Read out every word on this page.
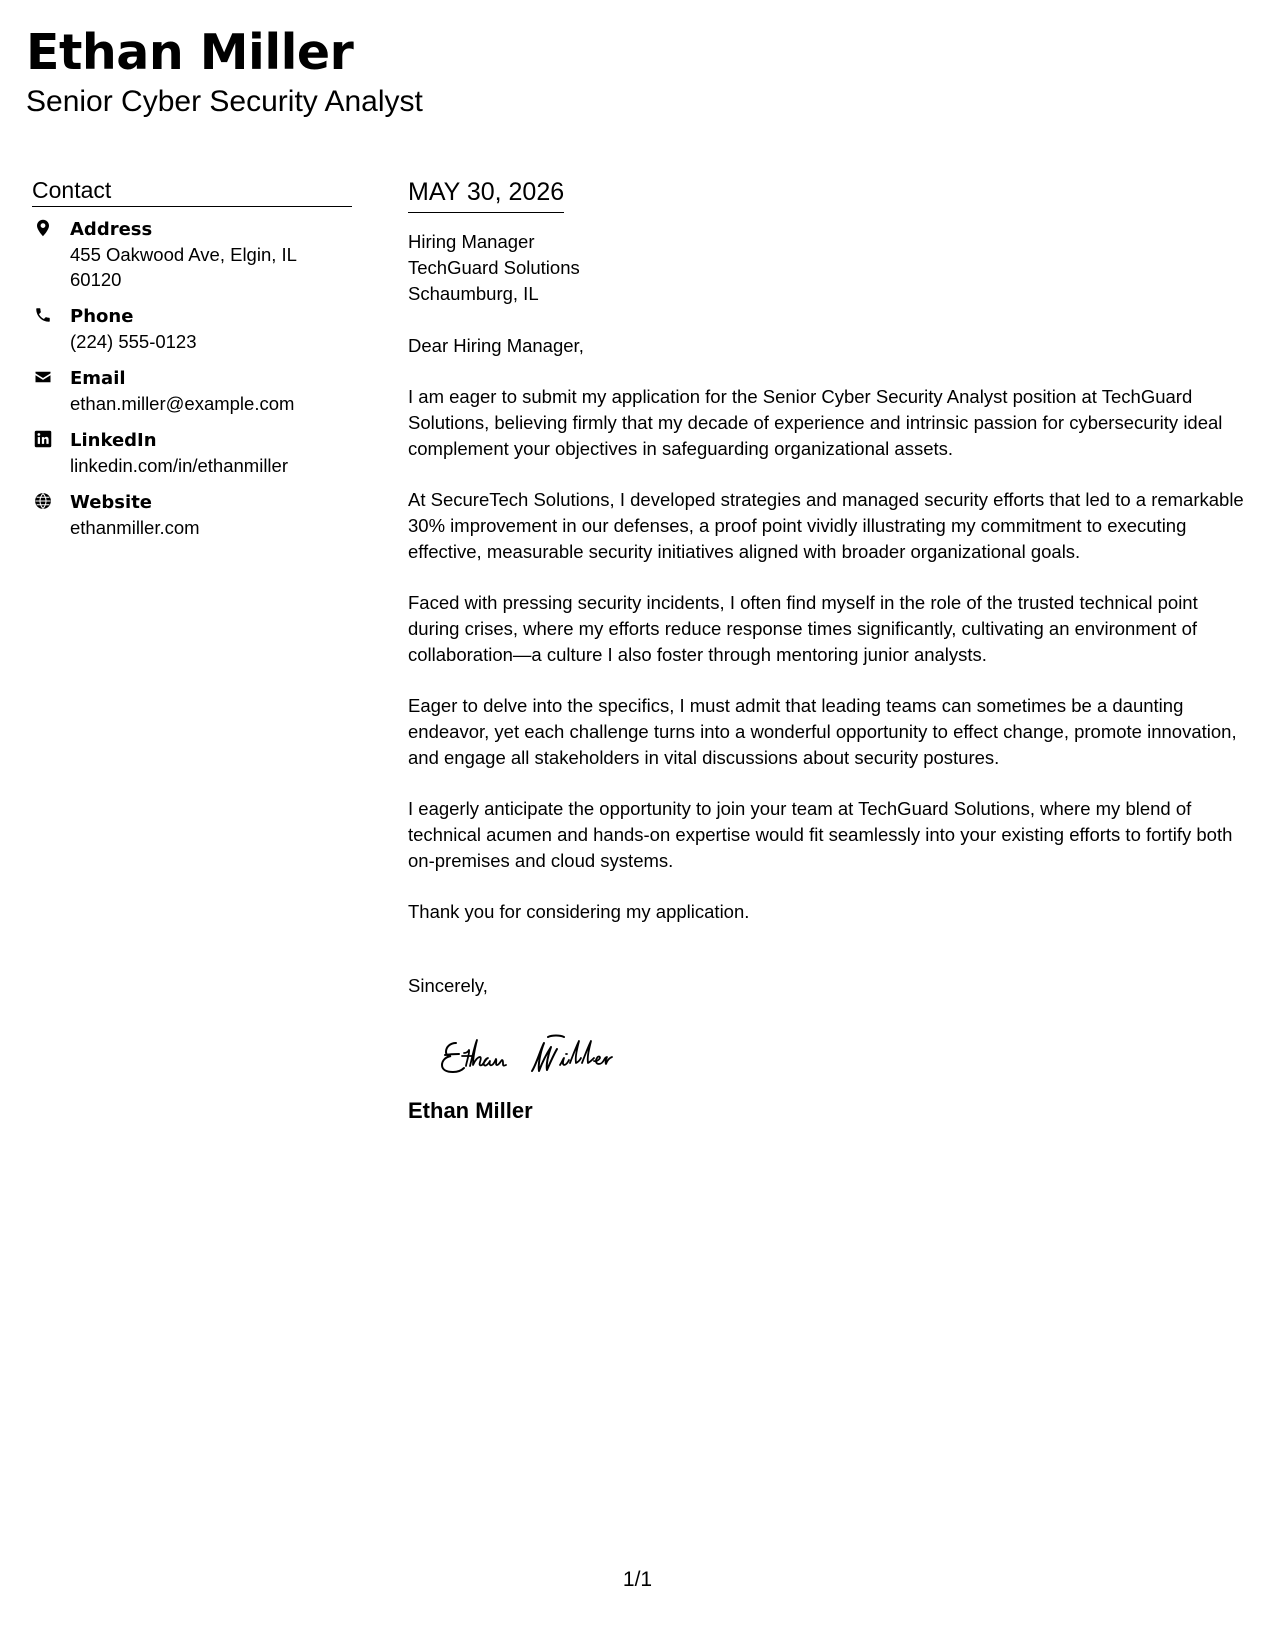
Ethan Miller
Senior Cyber Security Analyst
Contact
Address
455 Oakwood Ave, Elgin, IL 60120
Phone
(224) 555-0123
Email
ethan.miller@example.com
LinkedIn
linkedin.com/in/ethanmiller
Website
ethanmiller.com
MAY 30, 2026
Hiring Manager
TechGuard Solutions
Schaumburg, IL
Dear Hiring Manager,

I am eager to submit my application for the Senior Cyber Security Analyst position at TechGuard Solutions, believing firmly that my decade of experience and intrinsic passion for cybersecurity ideal complement your objectives in safeguarding organizational assets.

At SecureTech Solutions, I developed strategies and managed security efforts that led to a remarkable 30% improvement in our defenses, a proof point vividly illustrating my commitment to executing effective, measurable security initiatives aligned with broader organizational goals.

Faced with pressing security incidents, I often find myself in the role of the trusted technical point during crises, where my efforts reduce response times significantly, cultivating an environment of collaboration—a culture I also foster through mentoring junior analysts.

Eager to delve into the specifics, I must admit that leading teams can sometimes be a daunting endeavor, yet each challenge turns into a wonderful opportunity to effect change, promote innovation, and engage all stakeholders in vital discussions about security postures.

I eagerly anticipate the opportunity to join your team at TechGuard Solutions, where my blend of technical acumen and hands-on expertise would fit seamlessly into your existing efforts to fortify both on-premises and cloud systems.

Thank you for considering my application.

Sincerely,
Ethan Miller
1/1
